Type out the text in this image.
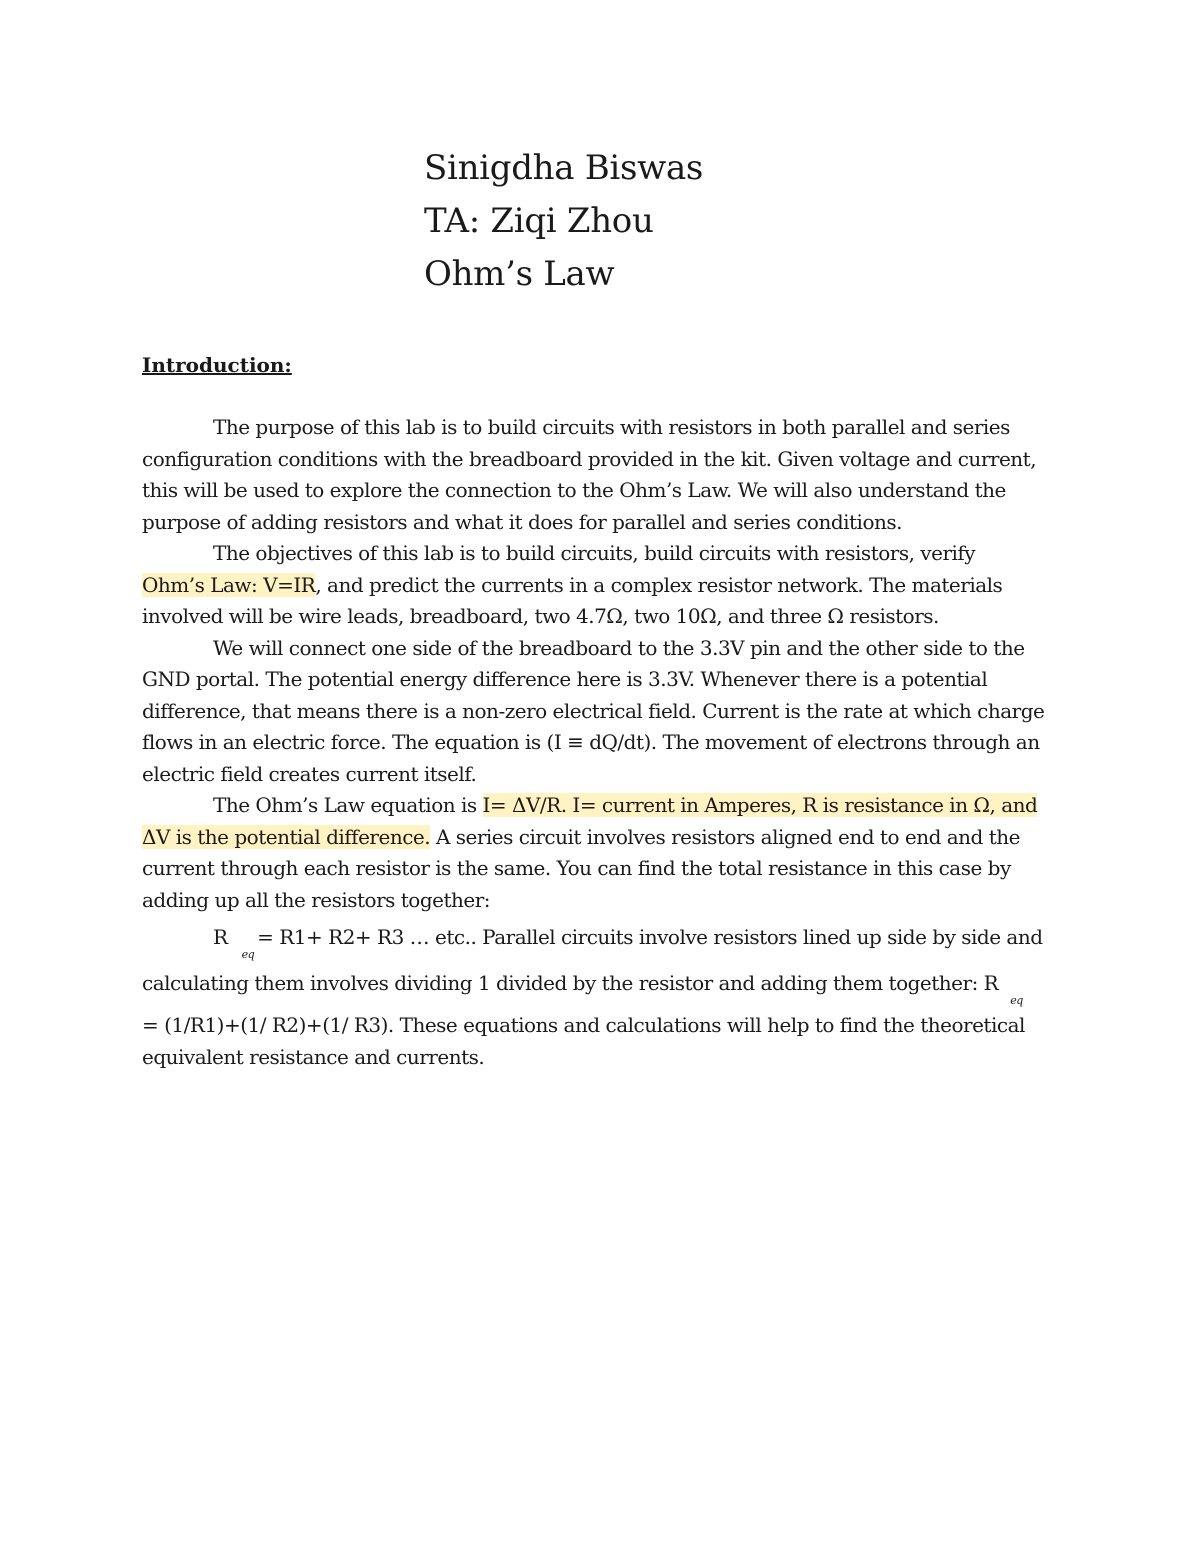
Sinigdha Biswas
TA: Ziqi Zhou
Ohm’s Law
Introduction:

The purpose of this lab is to build circuits with resistors in both parallel and series configuration conditions with the breadboard provided in the kit. Given voltage and current, this will be used to explore the connection to the Ohm’s Law. We will also understand the purpose of adding resistors and what it does for parallel and series conditions.

The objectives of this lab is to build circuits, build circuits with resistors, verify
Ohm’s Law: V=IR, and predict the currents in a complex resistor network. The materials involved will be wire leads, breadboard, two 4.7Ω, two 10Ω, and three Ω resistors.

We will connect one side of the breadboard to the 3.3V pin and the other side to the GND portal. The potential energy difference here is 3.3V. Whenever there is a potential difference, that means there is a non-zero electrical field. Current is the rate at which charge flows in an electric force. The equation is (I ≡ dQ/dt). The movement of electrons through an electric field creates current itself.

The Ohm’s Law equation is I= ΔV/R. I= current in Amperes, R is resistance in Ω, and ΔV is the potential difference. A series circuit involves resistors aligned end to end and the current through each resistor is the same. You can find the total resistance in this case by adding up all the resistors together:

$R_{eq}= R1+ R2+ R3$ … etc.. Parallel circuits involve resistors lined up side by side and

calculating them involves dividing 1 divided by the resistor and adding them together: $R_{eq}$

= (1/R1)+(1/ R2)+(1/ R3). These equations and calculations will help to find the theoretical equivalent resistance and currents.
